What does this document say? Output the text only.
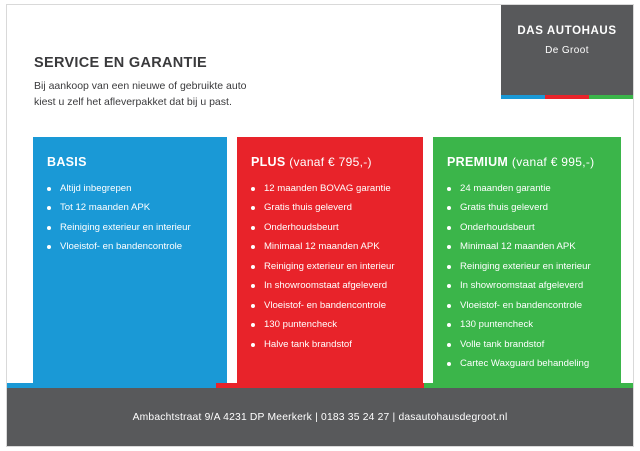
DAS AUTOHAUS
De Groot
SERVICE EN GARANTIE

Bij aankoop van een nieuwe of gebruikte auto
kiest u zelf het afleverpakket dat bij u past.

BASIS
Altijd inbegrepen
Tot 12 maanden APK
Reiniging exterieur en interieur
Vloeistof- en bandencontrole
PLUS (vanaf € 795,-)
12 maanden BOVAG garantie
Gratis thuis geleverd
Onderhoudsbeurt
Minimaal 12 maanden APK
Reiniging exterieur en interieur
In showroomstaat afgeleverd
Vloeistof- en bandencontrole
130 puntencheck
Halve tank brandstof
PREMIUM (vanaf € 995,-)
24 maanden garantie
Gratis thuis geleverd
Onderhoudsbeurt
Minimaal 12 maanden APK
Reiniging exterieur en interieur
In showroomstaat afgeleverd
Vloeistof- en bandencontrole
130 puntencheck
Volle tank brandstof
Cartec Waxguard behandeling
Ambachtstraat 9/A 4231 DP Meerkerk | 0183 35 24 27 | dasautohausdegroot.nl
